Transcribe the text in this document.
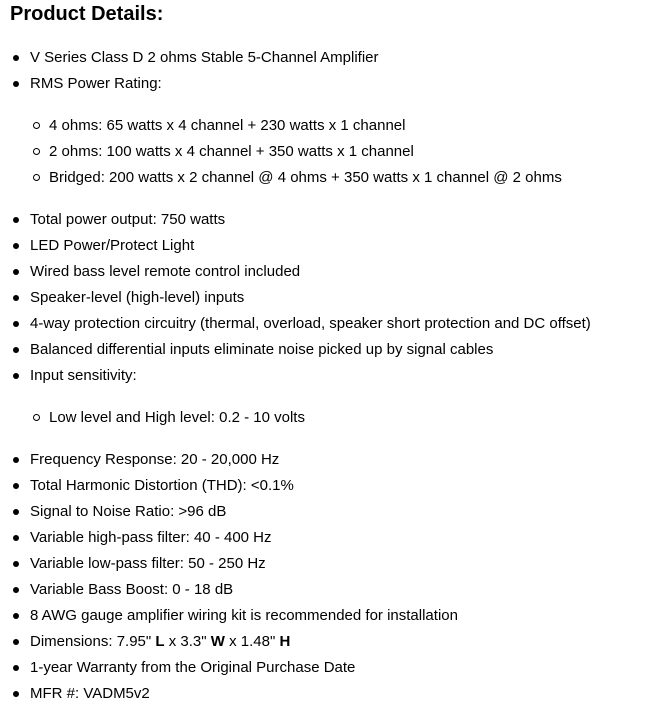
Product Details:
V Series Class D 2 ohms Stable 5-Channel Amplifier
RMS Power Rating:
4 ohms: 65 watts x 4 channel + 230 watts x 1 channel
2 ohms: 100 watts x 4 channel + 350 watts x 1 channel
Bridged: 200 watts x 2 channel @ 4 ohms + 350 watts x 1 channel @ 2 ohms
Total power output: 750 watts
LED Power/Protect Light
Wired bass level remote control included
Speaker-level (high-level) inputs
4-way protection circuitry (thermal, overload, speaker short protection and DC offset)
Balanced differential inputs eliminate noise picked up by signal cables
Input sensitivity:
Low level and High level: 0.2 - 10 volts
Frequency Response: 20 - 20,000 Hz
Total Harmonic Distortion (THD): <0.1%
Signal to Noise Ratio: >96 dB
Variable high-pass filter: 40 - 400 Hz
Variable low-pass filter: 50 - 250 Hz
Variable Bass Boost: 0 - 18 dB
8 AWG gauge amplifier wiring kit is recommended for installation
Dimensions: 7.95" L x 3.3" W x 1.48" H
1-year Warranty from the Original Purchase Date
MFR #: VADM5v2
